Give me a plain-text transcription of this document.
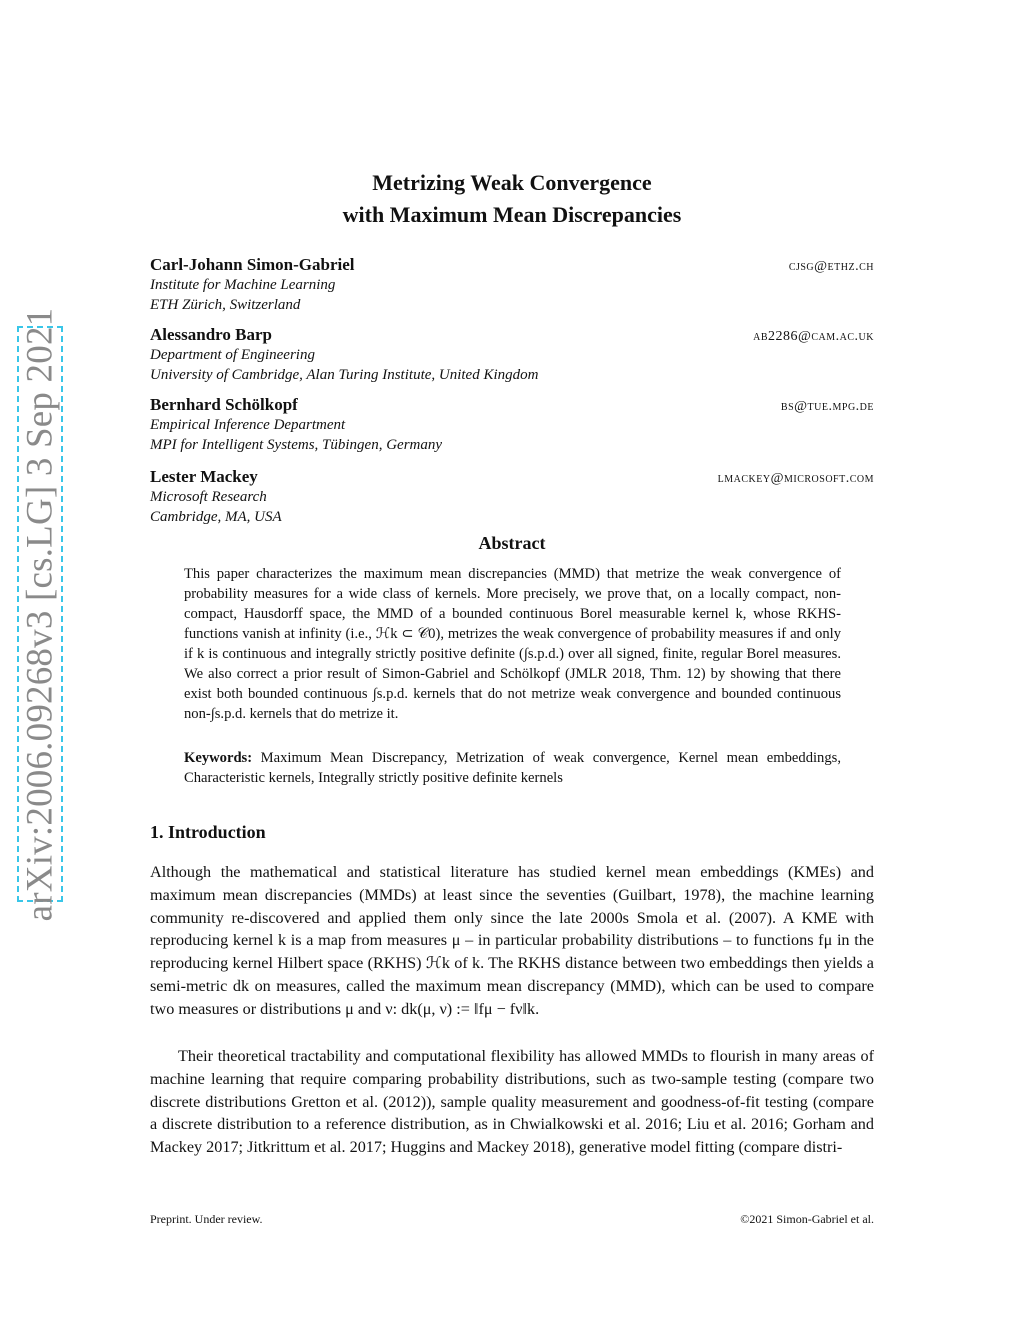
arXiv:2006.09268v3 [cs.LG] 3 Sep 2021
Metrizing Weak Convergence
with Maximum Mean Discrepancies
Carl-Johann Simon-Gabriel	cjsg@ethz.ch
Institute for Machine Learning
ETH Zürich, Switzerland
Alessandro Barp	ab2286@cam.ac.uk
Department of Engineering
University of Cambridge, Alan Turing Institute, United Kingdom
Bernhard Schölkopf	bs@tue.mpg.de
Empirical Inference Department
MPI for Intelligent Systems, Tübingen, Germany
Lester Mackey	lmackey@microsoft.com
Microsoft Research
Cambridge, MA, USA
Abstract
This paper characterizes the maximum mean discrepancies (MMD) that metrize the weak convergence of probability measures for a wide class of kernels. More precisely, we prove that, on a locally compact, non-compact, Hausdorff space, the MMD of a bounded continuous Borel measurable kernel k, whose RKHS-functions vanish at infinity (i.e., ℋk ⊂ 𝒞0), metrizes the weak convergence of probability measures if and only if k is continuous and integrally strictly positive definite (∫s.p.d.) over all signed, finite, regular Borel measures. We also correct a prior result of Simon-Gabriel and Schölkopf (JMLR 2018, Thm. 12) by showing that there exist both bounded continuous ∫s.p.d. kernels that do not metrize weak convergence and bounded continuous non-∫s.p.d. kernels that do metrize it.
Keywords: Maximum Mean Discrepancy, Metrization of weak convergence, Kernel mean embeddings, Characteristic kernels, Integrally strictly positive definite kernels
1. Introduction
Although the mathematical and statistical literature has studied kernel mean embeddings (KMEs) and maximum mean discrepancies (MMDs) at least since the seventies (Guilbart, 1978), the machine learning community re-discovered and applied them only since the late 2000s Smola et al. (2007). A KME with reproducing kernel k is a map from measures μ – in particular probability distributions – to functions fμ in the reproducing kernel Hilbert space (RKHS) ℋk of k. The RKHS distance between two embeddings then yields a semi-metric dk on measures, called the maximum mean discrepancy (MMD), which can be used to compare two measures or distributions μ and ν: dk(μ, ν) := ‖fμ − fν‖k.
Their theoretical tractability and computational flexibility has allowed MMDs to flourish in many areas of machine learning that require comparing probability distributions, such as two-sample testing (compare two discrete distributions Gretton et al. (2012)), sample quality measurement and goodness-of-fit testing (compare a discrete distribution to a reference distribution, as in Chwialkowski et al. 2016; Liu et al. 2016; Gorham and Mackey 2017; Jitkrittum et al. 2017; Huggins and Mackey 2018), generative model fitting (compare distri-
Preprint. Under review.	©2021 Simon-Gabriel et al.
